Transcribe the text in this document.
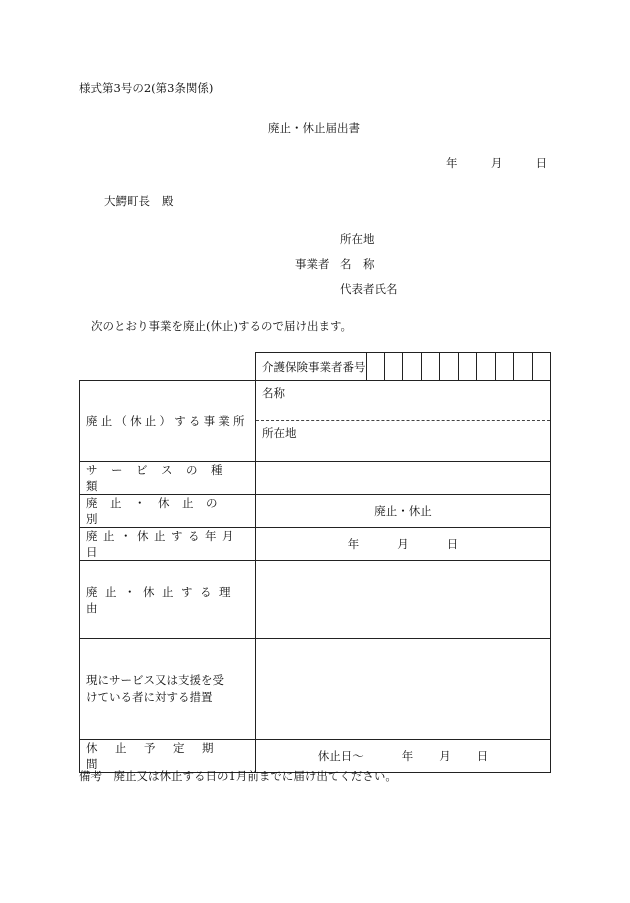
様式第3号の2(第3条関係)
廃止・休止届出書
年	月	日
大鰐町長 殿
所在地
事業者 名　称
代表者氏名
次のとおり事業を廃止(休止)するので届け出ます。
介護保険事業者番号
廃止（休止）する事業所	名称
所在地

サービスの種類	
廃止・休止の別	廃止・休止
廃止・休止する年月日	年 月 日
廃止・休止する理由	

現にサービス又は支援を受けている者に対する措置	

休止予定期間	休止日〜 年 月 日
備考　廃止又は休止する日の1月前までに届け出てください。
